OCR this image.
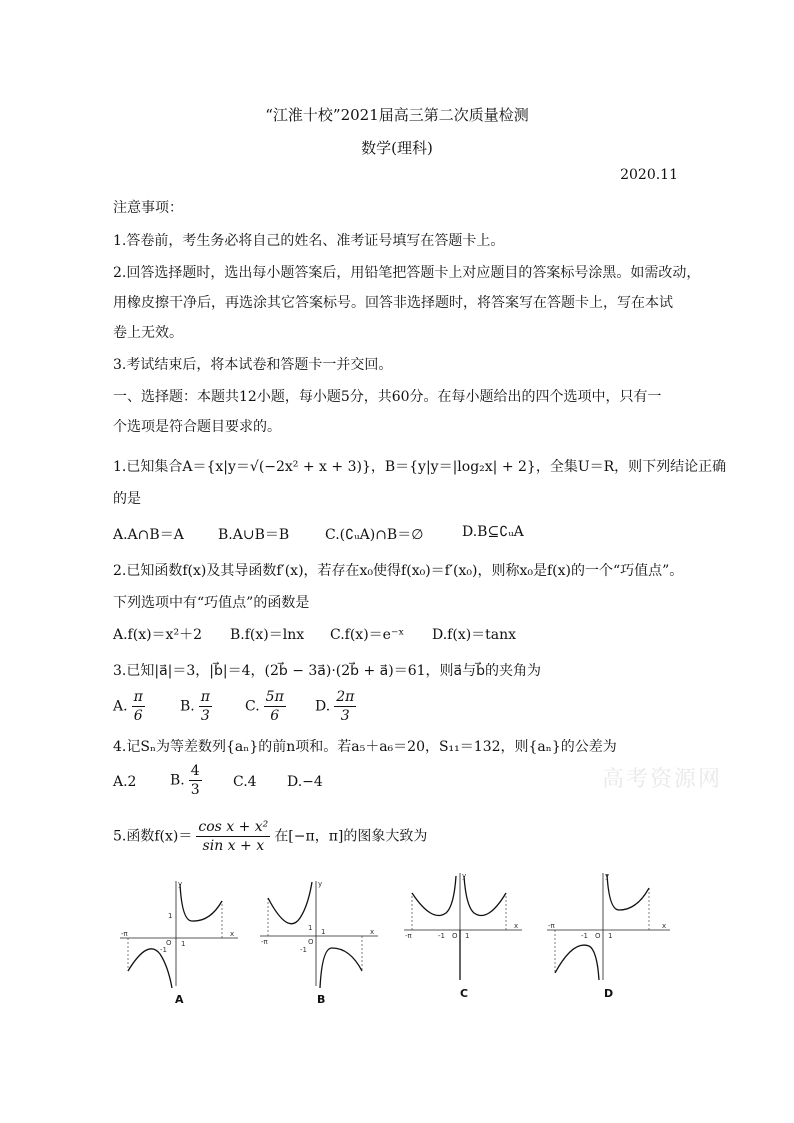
“江淮十校”2021届高三第二次质量检测
数学(理科)
2020.11
注意事项：
1.答卷前，考生务必将自己的姓名、准考证号填写在答题卡上。
2.回答选择题时，选出每小题答案后，用铅笔把答题卡上对应题目的答案标号涂黑。如需改动，
用橡皮擦干净后，再选涂其它答案标号。回答非选择题时，将答案写在答题卡上，写在本试
卷上无效。
3.考试结束后，将本试卷和答题卡一并交回。
一、选择题：本题共12小题，每小题5分，共60分。在每小题给出的四个选项中，只有一
个选项是符合题目要求的。
1.已知集合A＝{x|y＝√(−2x² + x + 3)}，B＝{y|y＝|log₂x| + 2}，全集U＝R，则下列结论正确
的是
A.A∩B＝A B.A∪B＝B	C.(∁ᵤA)∩B＝∅	D.B⊆∁ᵤA
2.已知函数f(x)及其导函数f′(x)，若存在x₀使得f(x₀)＝f′(x₀)，则称x₀是f(x)的一个“巧值点”。
下列选项中有“巧值点”的函数是
A.f(x)＝x²＋2 B.f(x)＝lnx C.f(x)＝e⁻ˣ D.f(x)＝tanx
3.已知|a⃗|＝3，|b⃗|＝4，(2b⃗ − 3a⃗)·(2b⃗ + a⃗)＝61，则a⃗与b⃗的夹角为
A. $\frac{\pi}{6}$	B. $\frac{\pi}{3} C$. $\frac{5\pi}{6} D$. $\frac{2\pi}{3}$
4.记Sₙ为等差数列{aₙ}的前n项和。若a₅＋a₆＝20，S₁₁＝132，则{aₙ}的公差为
A.2 B. $\frac{4}{3} C.4$ D.−4	高考资源网
5.函数$f(x)= \frac{\text{cos x + x²}}{\text{sin x + x}}$ 在[−π，π]的图象大致为
-π	x
y
O 1
1
-1
A
-π
x
y
O
1
1
-1
B
-π
x
y
O 1
-1
C
-π	x
y
O 1
-1
D
